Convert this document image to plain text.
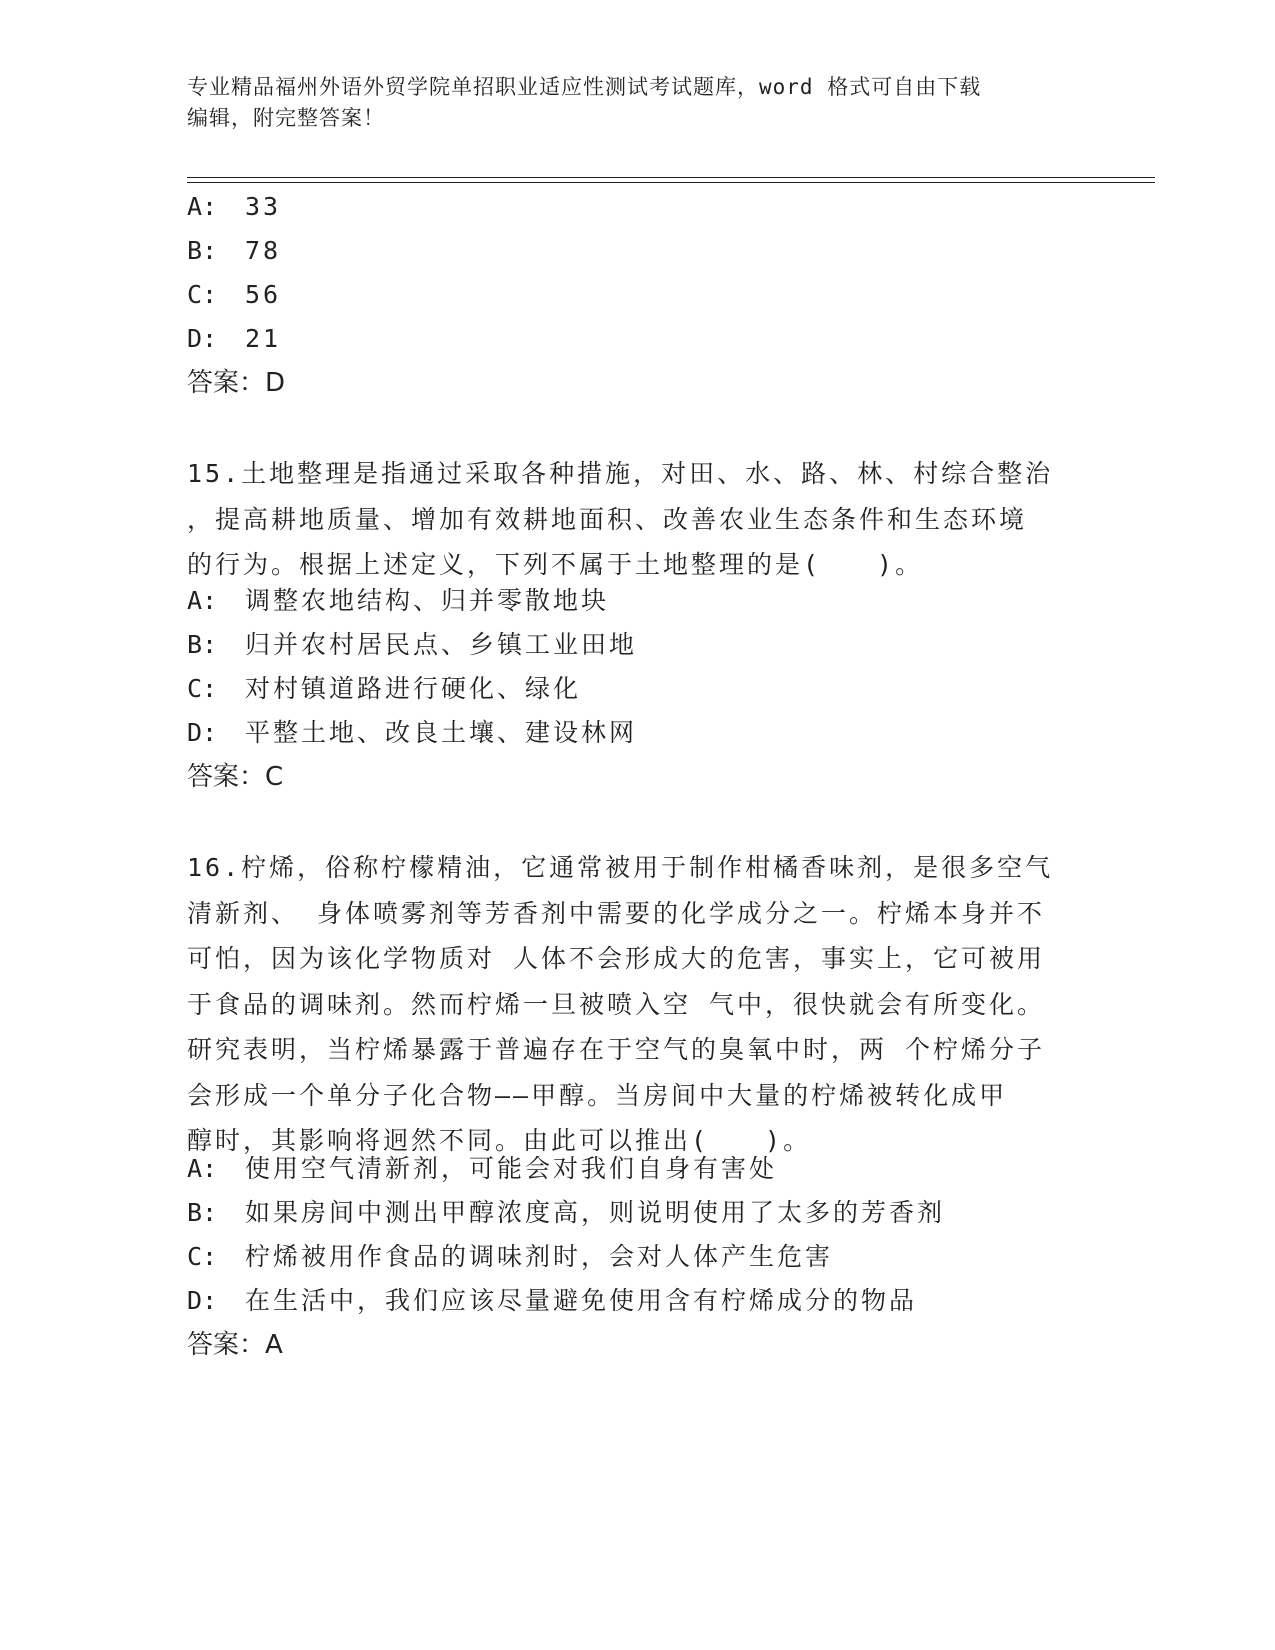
专业精品福州外语外贸学院单招职业适应性测试考试题库，word 格式可自由下载
编辑，附完整答案！
A: 33
B: 78
C: 56
D: 21
答案：D
15.土地整理是指通过采取各种措施，对田、水、路、林、村综合整治
，提高耕地质量、增加有效耕地面积、改善农业生态条件和生态环境
的行为。根据上述定义，下列不属于土地整理的是(　　)。
A: 调整农地结构、归并零散地块
B: 归并农村居民点、乡镇工业田地
C: 对村镇道路进行硬化、绿化
D: 平整土地、改良土壤、建设林网
答案：C
16.柠烯，俗称柠檬精油，它通常被用于制作柑橘香味剂，是很多空气
清新剂、 身体喷雾剂等芳香剂中需要的化学成分之一。柠烯本身并不
可怕，因为该化学物质对 人体不会形成大的危害，事实上，它可被用
于食品的调味剂。然而柠烯一旦被喷入空 气中，很快就会有所变化。
研究表明，当柠烯暴露于普遍存在于空气的臭氧中时，两 个柠烯分子
会形成一个单分子化合物——甲醇。当房间中大量的柠烯被转化成甲
醇时，其影响将迥然不同。由此可以推出(　　)。
A: 使用空气清新剂，可能会对我们自身有害处
B: 如果房间中测出甲醇浓度高，则说明使用了太多的芳香剂
C: 柠烯被用作食品的调味剂时，会对人体产生危害
D: 在生活中，我们应该尽量避免使用含有柠烯成分的物品
答案：A
